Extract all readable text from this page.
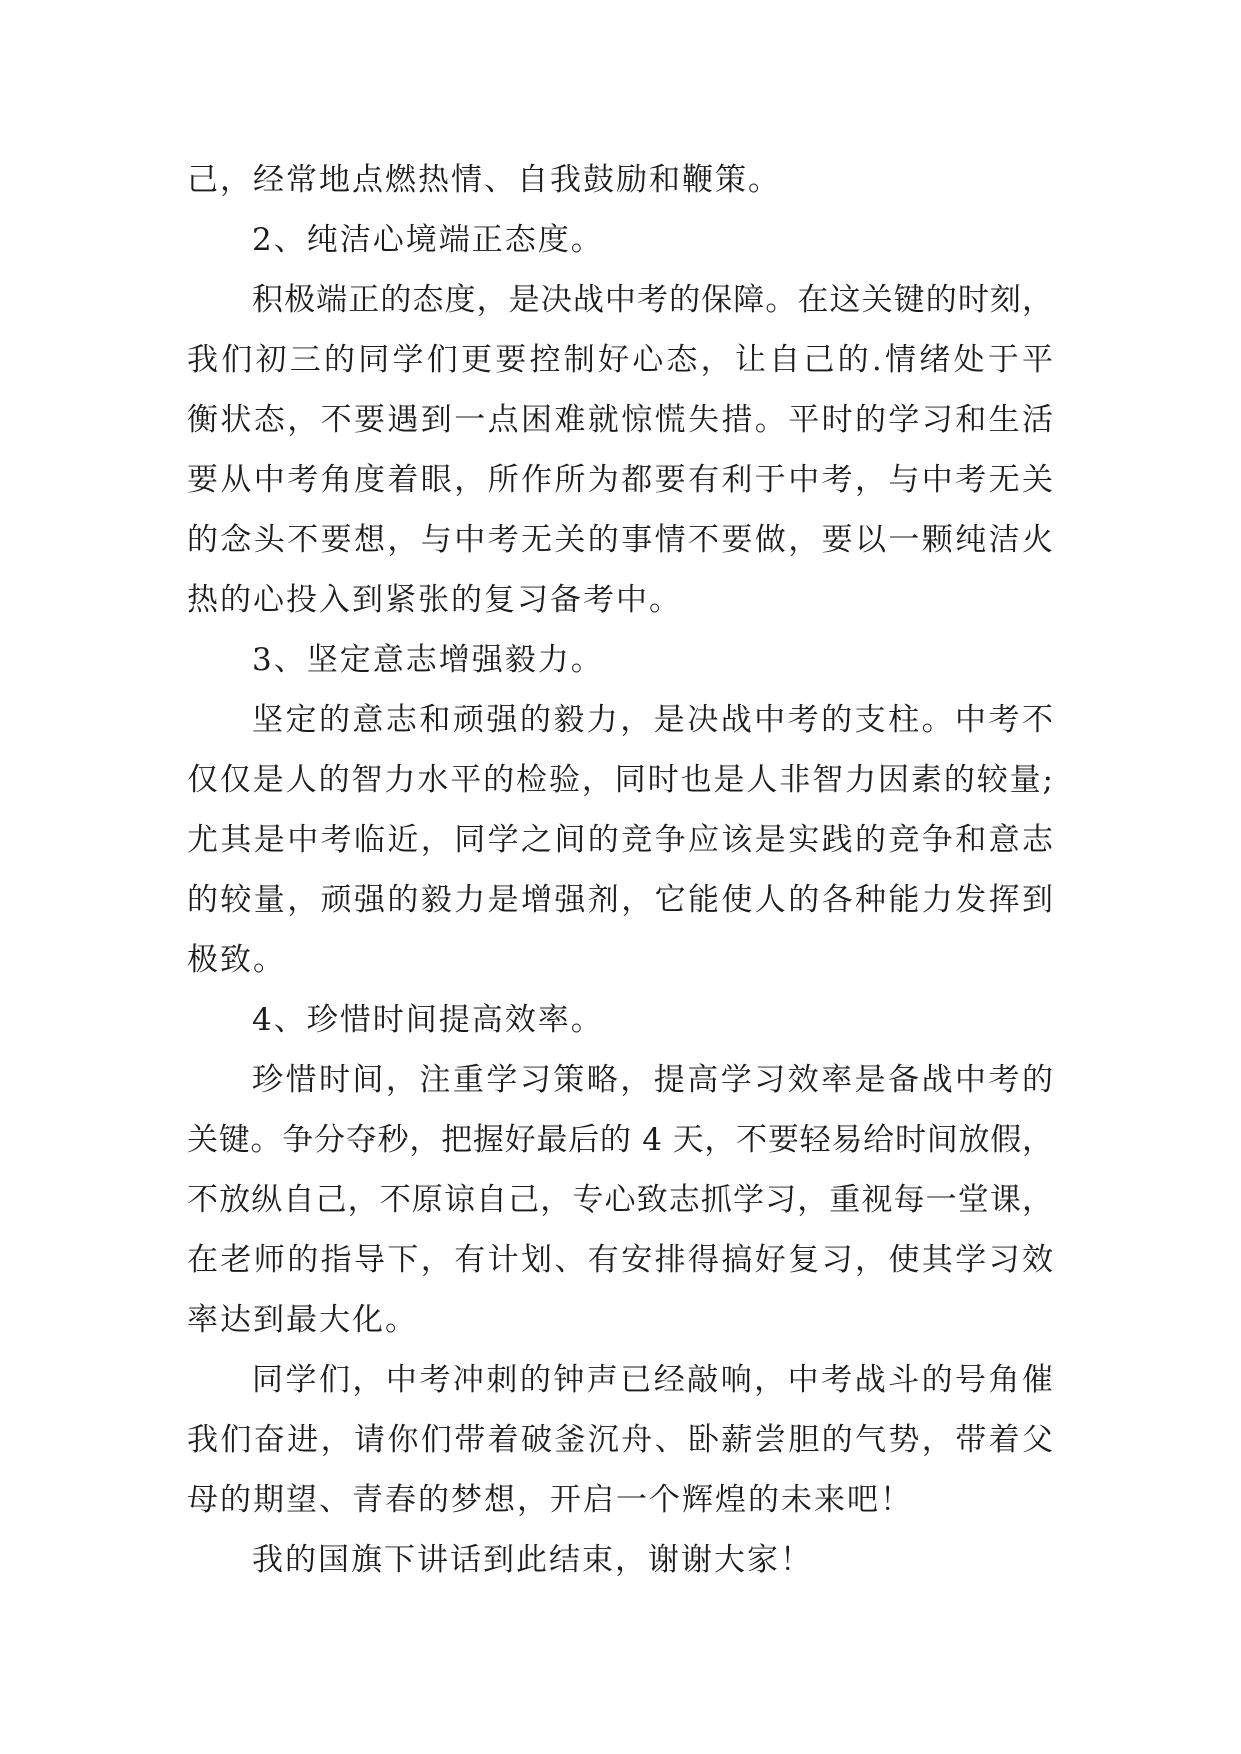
己，经常地点燃热情、自我鼓励和鞭策。
2、纯洁心境端正态度。
积极端正的态度，是决战中考的保障。在这关键的时刻，
我们初三的同学们更要控制好心态，让自己的.情绪处于平
衡状态，不要遇到一点困难就惊慌失措。平时的学习和生活
要从中考角度着眼，所作所为都要有利于中考，与中考无关
的念头不要想，与中考无关的事情不要做，要以一颗纯洁火
热的心投入到紧张的复习备考中。
3、坚定意志增强毅力。
坚定的意志和顽强的毅力，是决战中考的支柱。中考不
仅仅是人的智力水平的检验，同时也是人非智力因素的较量;
尤其是中考临近，同学之间的竞争应该是实践的竞争和意志
的较量，顽强的毅力是增强剂，它能使人的各种能力发挥到
极致。
4、珍惜时间提高效率。
珍惜时间，注重学习策略，提高学习效率是备战中考的
关键。争分夺秒，把握好最后的 4 天，不要轻易给时间放假，
不放纵自己，不原谅自己，专心致志抓学习，重视每一堂课，
在老师的指导下，有计划、有安排得搞好复习，使其学习效
率达到最大化。
同学们，中考冲刺的钟声已经敲响，中考战斗的号角催
我们奋进，请你们带着破釜沉舟、卧薪尝胆的气势，带着父
母的期望、青春的梦想，开启一个辉煌的未来吧！
我的国旗下讲话到此结束，谢谢大家！
